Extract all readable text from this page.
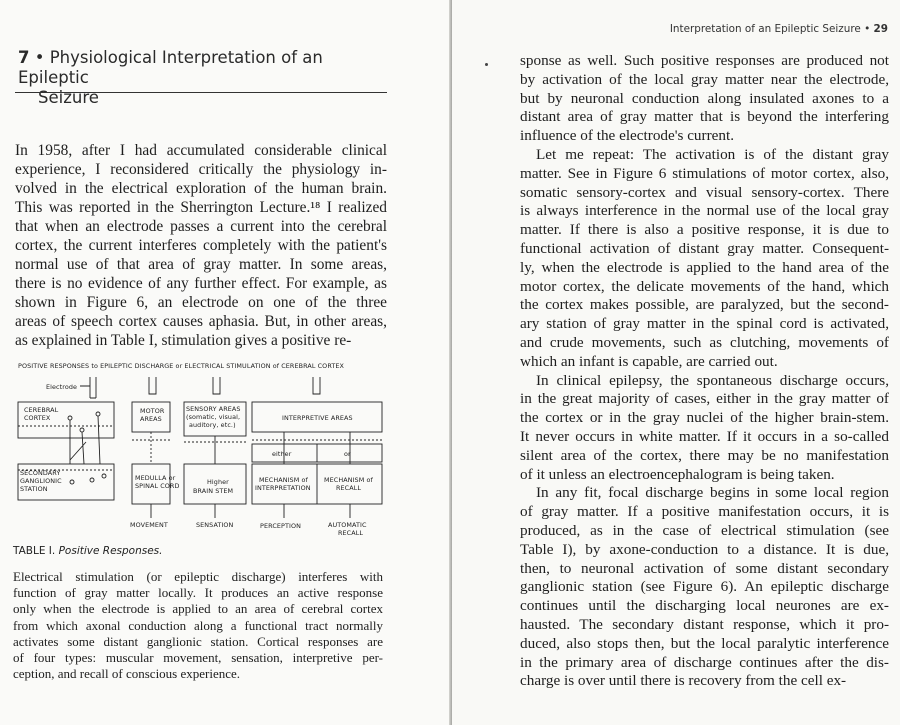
7 • Physiological Interpretation of an Epileptic
Seizure
In 1958, after I had accumulated considerable clinical
experience, I reconsidered critically the physiology in-
volved in the electrical exploration of the human brain.
This was reported in the Sherrington Lecture.¹⁸ I realized
that when an electrode passes a current into the cerebral
cortex, the current interferes completely with the patient's
normal use of that area of gray matter. In some areas,
there is no evidence of any further effect. For example, as
shown in Figure 6, an electrode on one of the three
areas of speech cortex causes aphasia. But, in other areas,
as explained in Table I, stimulation gives a positive re-
POSITIVE RESPONSES to EPILEPTIC DISCHARGE or ELECTRICAL STIMULATION of CEREBRAL CORTEX
Electrode
CEREBRAL
CORTEX
SECONDARY
GANGLIONIC
STATION
MOTOR
AREAS
SENSORY AREAS
(somatic, visual,
auditory, etc.)
INTERPRETIVE AREAS
either	or
MEDULLA or
SPINAL CORD	Higher
BRAIN STEM
MECHANISM of
INTERPRETATION
MECHANISM of
RECALL
MOVEMENT	SENSATION	PERCEPTION	AUTOMATIC
RECALL
TABLE I. Positive Responses.
Electrical stimulation (or epileptic discharge) interferes with
function of gray matter locally. It produces an active response
only when the electrode is applied to an area of cerebral cortex
from which axonal conduction along a functional tract normally
activates some distant ganglionic station. Cortical responses are
of four types: muscular movement, sensation, interpretive per-
ception, and recall of conscious experience.
Interpretation of an Epileptic Seizure • 29
sponse as well. Such positive responses are produced not
by activation of the local gray matter near the electrode,
but by neuronal conduction along insulated axones to a
distant area of gray matter that is beyond the interfering
influence of the electrode's current.
Let me repeat: The activation is of the distant gray
matter. See in Figure 6 stimulations of motor cortex, also,
somatic sensory-cortex and visual sensory-cortex. There
is always interference in the normal use of the local gray
matter. If there is also a positive response, it is due to
functional activation of distant gray matter. Consequent-
ly, when the electrode is applied to the hand area of the
motor cortex, the delicate movements of the hand, which
the cortex makes possible, are paralyzed, but the second-
ary station of gray matter in the spinal cord is activated,
and crude movements, such as clutching, movements of
which an infant is capable, are carried out.
In clinical epilepsy, the spontaneous discharge occurs,
in the great majority of cases, either in the gray matter of
the cortex or in the gray nuclei of the higher brain-stem.
It never occurs in white matter. If it occurs in a so-called
silent area of the cortex, there may be no manifestation
of it unless an electroencephalogram is being taken.
In any fit, focal discharge begins in some local region
of gray matter. If a positive manifestation occurs, it is
produced, as in the case of electrical stimulation (see
Table I), by axone-conduction to a distance. It is due,
then, to neuronal activation of some distant secondary
ganglionic station (see Figure 6). An epileptic discharge
continues until the discharging local neurones are ex-
hausted. The secondary distant response, which it pro-
duced, also stops then, but the local paralytic interference
in the primary area of discharge continues after the dis-
charge is over until there is recovery from the cell ex-
